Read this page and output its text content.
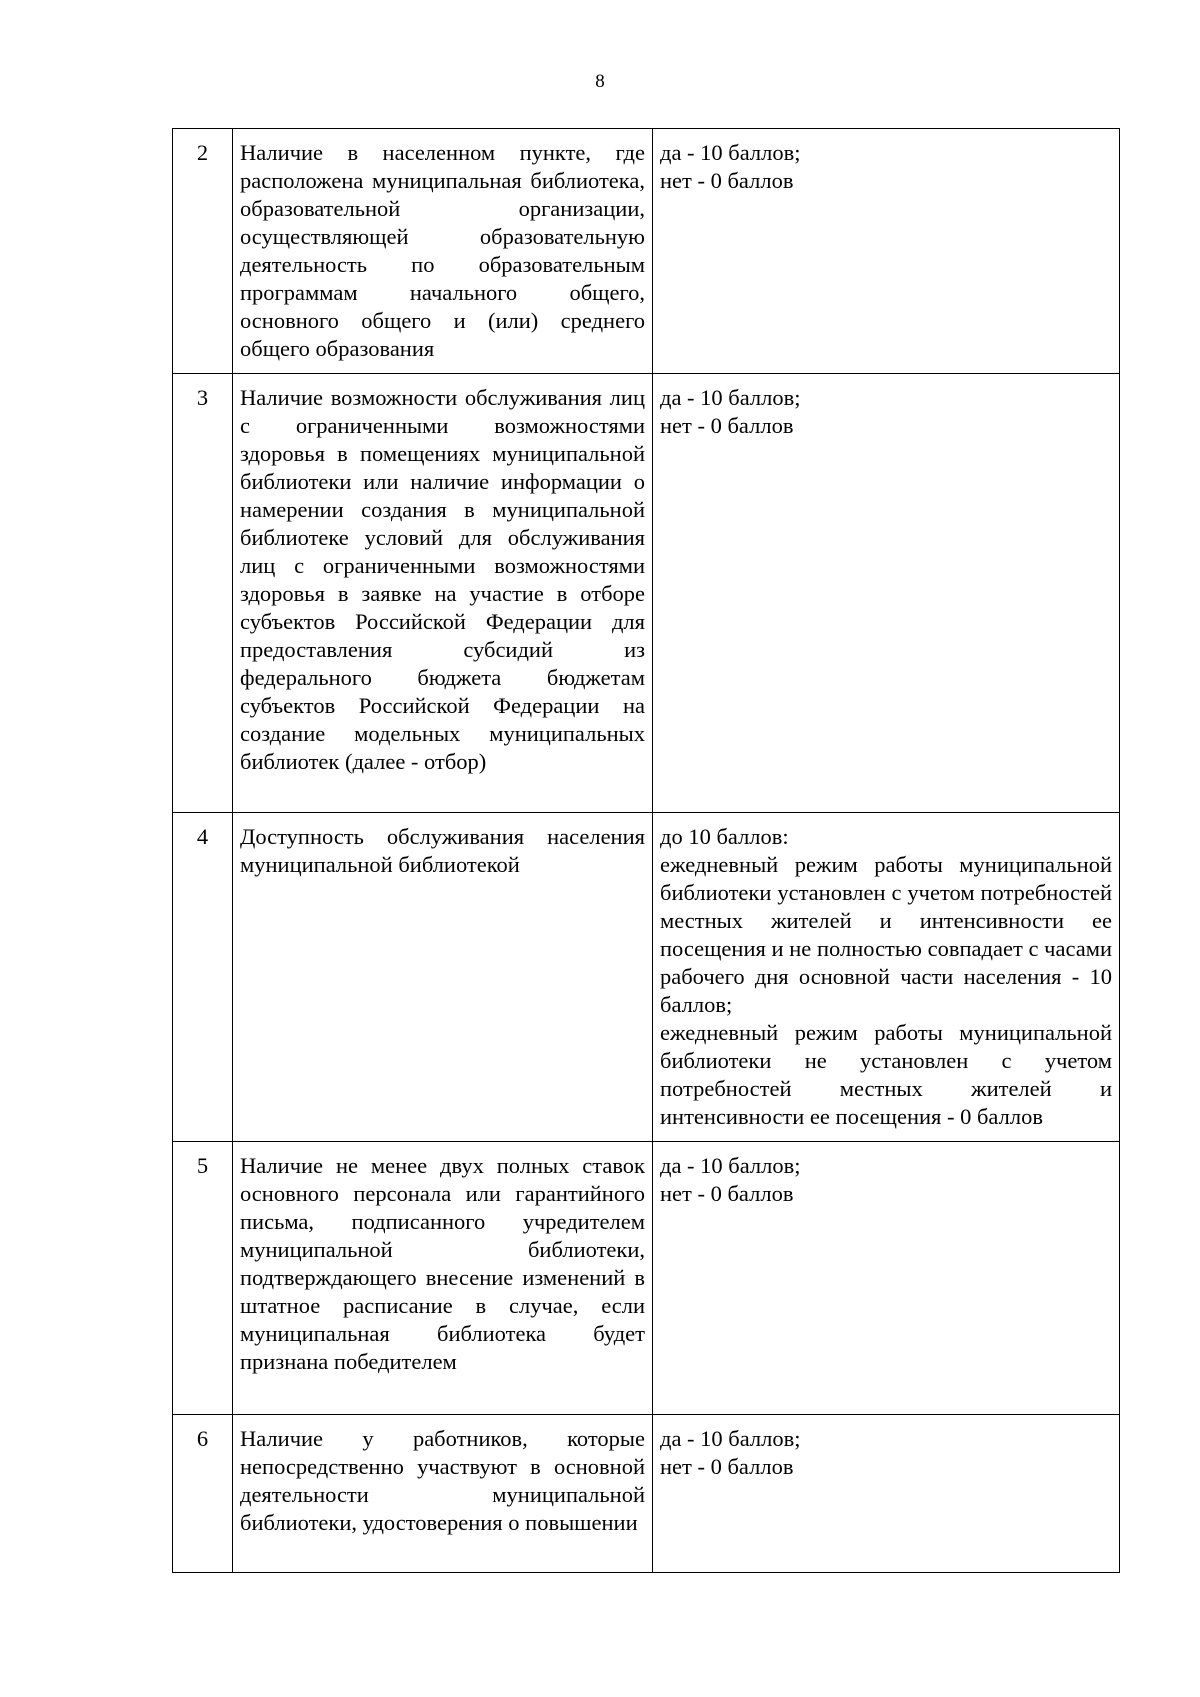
8
2	Наличие в населенном пункте, где расположена муниципальная библиотека, образовательной организации, осуществляющей образовательную деятельность по образовательным программам начального общего, основного общего и (или) среднего общего образования	да - 10 баллов;
нет - 0 баллов

3	Наличие возможности обслуживания лиц с ограниченными возможностями здоровья в помещениях муниципальной библиотеки или наличие информации о намерении создания в муниципальной библиотеке условий для обслуживания лиц с ограниченными возможностями здоровья в заявке на участие в отборе субъектов Российской Федерации для предоставления субсидий из федерального бюджета бюджетам субъектов Российской Федерации на создание модельных муниципальных библиотек (далее - отбор)	да - 10 баллов;
нет - 0 баллов

4	Доступность обслуживания населения муниципальной библиотекой	до 10 баллов:
ежедневный режим работы муниципальной библиотеки установлен с учетом потребностей местных жителей и интенсивности ее посещения и не полностью совпадает с часами рабочего дня основной части населения - 10 баллов;
ежедневный режим работы муниципальной библиотеки не установлен с учетом потребностей местных жителей и интенсивности ее посещения - 0 баллов

5	Наличие не менее двух полных ставок основного персонала или гарантийного письма, подписанного учредителем муниципальной библиотеки, подтверждающего внесение изменений в штатное расписание в случае, если муниципальная библиотека будет признана победителем	да - 10 баллов;
нет - 0 баллов

6	Наличие у работников, которые непосредственно участвуют в основной деятельности муниципальной библиотеки, удостоверения о повышении	да - 10 баллов;
нет - 0 баллов
